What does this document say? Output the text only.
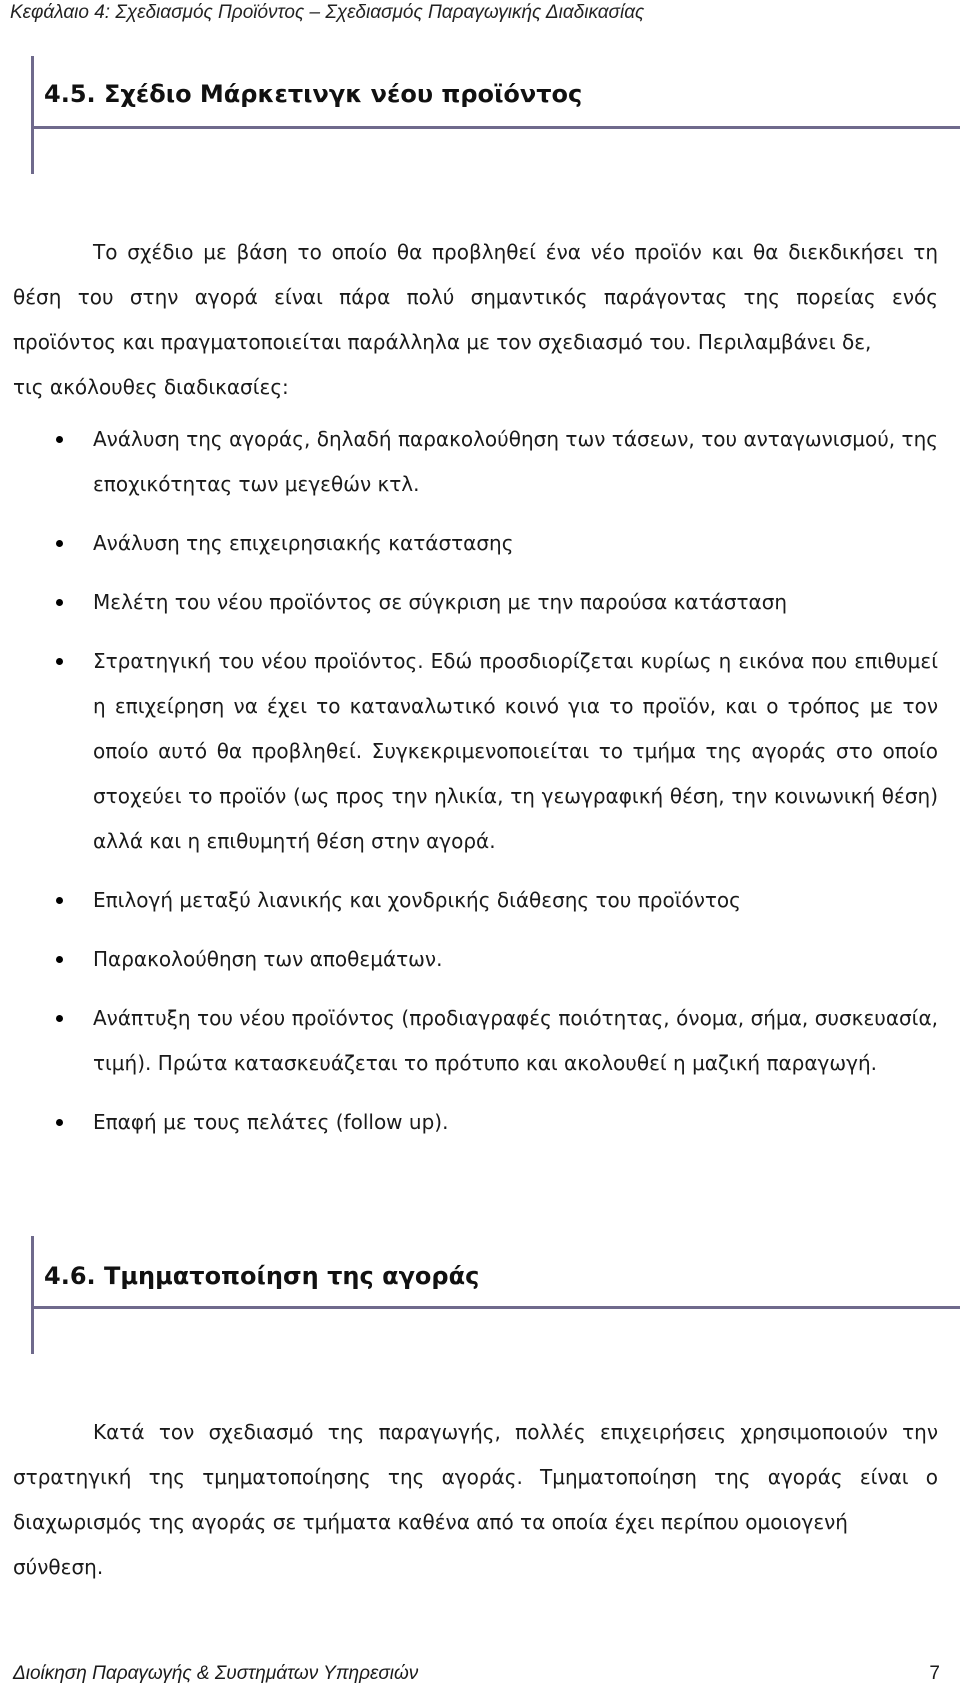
Κεφάλαιο 4: Σχεδιασμός Προϊόντος – Σχεδιασμός Παραγωγικής Διαδικασίας
4.5. Σχέδιο Μάρκετινγκ νέου προϊόντος

Το σχέδιο με βάση το οποίο θα προβληθεί ένα νέο προϊόν και θα διεκδικήσει τη θέση του στην αγορά είναι πάρα πολύ σημαντικός παράγοντας της πορείας ενός προϊόντος και πραγματοποιείται παράλληλα με τον σχεδιασμό του. Περιλαμβάνει δε,

τις ακόλουθες διαδικασίες:

Ανάλυση της αγοράς, δηλαδή παρακολούθηση των τάσεων, του ανταγωνισμού, της εποχικότητας των μεγεθών κτλ.
Ανάλυση της επιχειρησιακής κατάστασης
Μελέτη του νέου προϊόντος σε σύγκριση με την παρούσα κατάσταση
Στρατηγική του νέου προϊόντος. Εδώ προσδιορίζεται κυρίως η εικόνα που επιθυμεί η επιχείρηση να έχει το καταναλωτικό κοινό για το προϊόν, και ο τρόπος με τον οποίο αυτό θα προβληθεί. Συγκεκριμενοποιείται το τμήμα της αγοράς στο οποίο στοχεύει το προϊόν (ως προς την ηλικία, τη γεωγραφική θέση, την κοινωνική θέση) αλλά και η επιθυμητή θέση στην αγορά.
Επιλογή μεταξύ λιανικής και χονδρικής διάθεσης του προϊόντος
Παρακολούθηση των αποθεμάτων.
Ανάπτυξη του νέου προϊόντος (προδιαγραφές ποιότητας, όνομα, σήμα, συσκευασία, τιμή). Πρώτα κατασκευάζεται το πρότυπο και ακολουθεί η μαζική παραγωγή.
Επαφή με τους πελάτες (follow up).
4.6. Τμηματοποίηση της αγοράς

Κατά τον σχεδιασμό της παραγωγής, πολλές επιχειρήσεις χρησιμοποιούν την στρατηγική της τμηματοποίησης της αγοράς. Τμηματοποίηση της αγοράς είναι ο διαχωρισμός της αγοράς σε τμήματα καθένα από τα οποία έχει περίπου ομοιογενή

σύνθεση.

Διοίκηση Παραγωγής & Συστημάτων Υπηρεσιών	7
